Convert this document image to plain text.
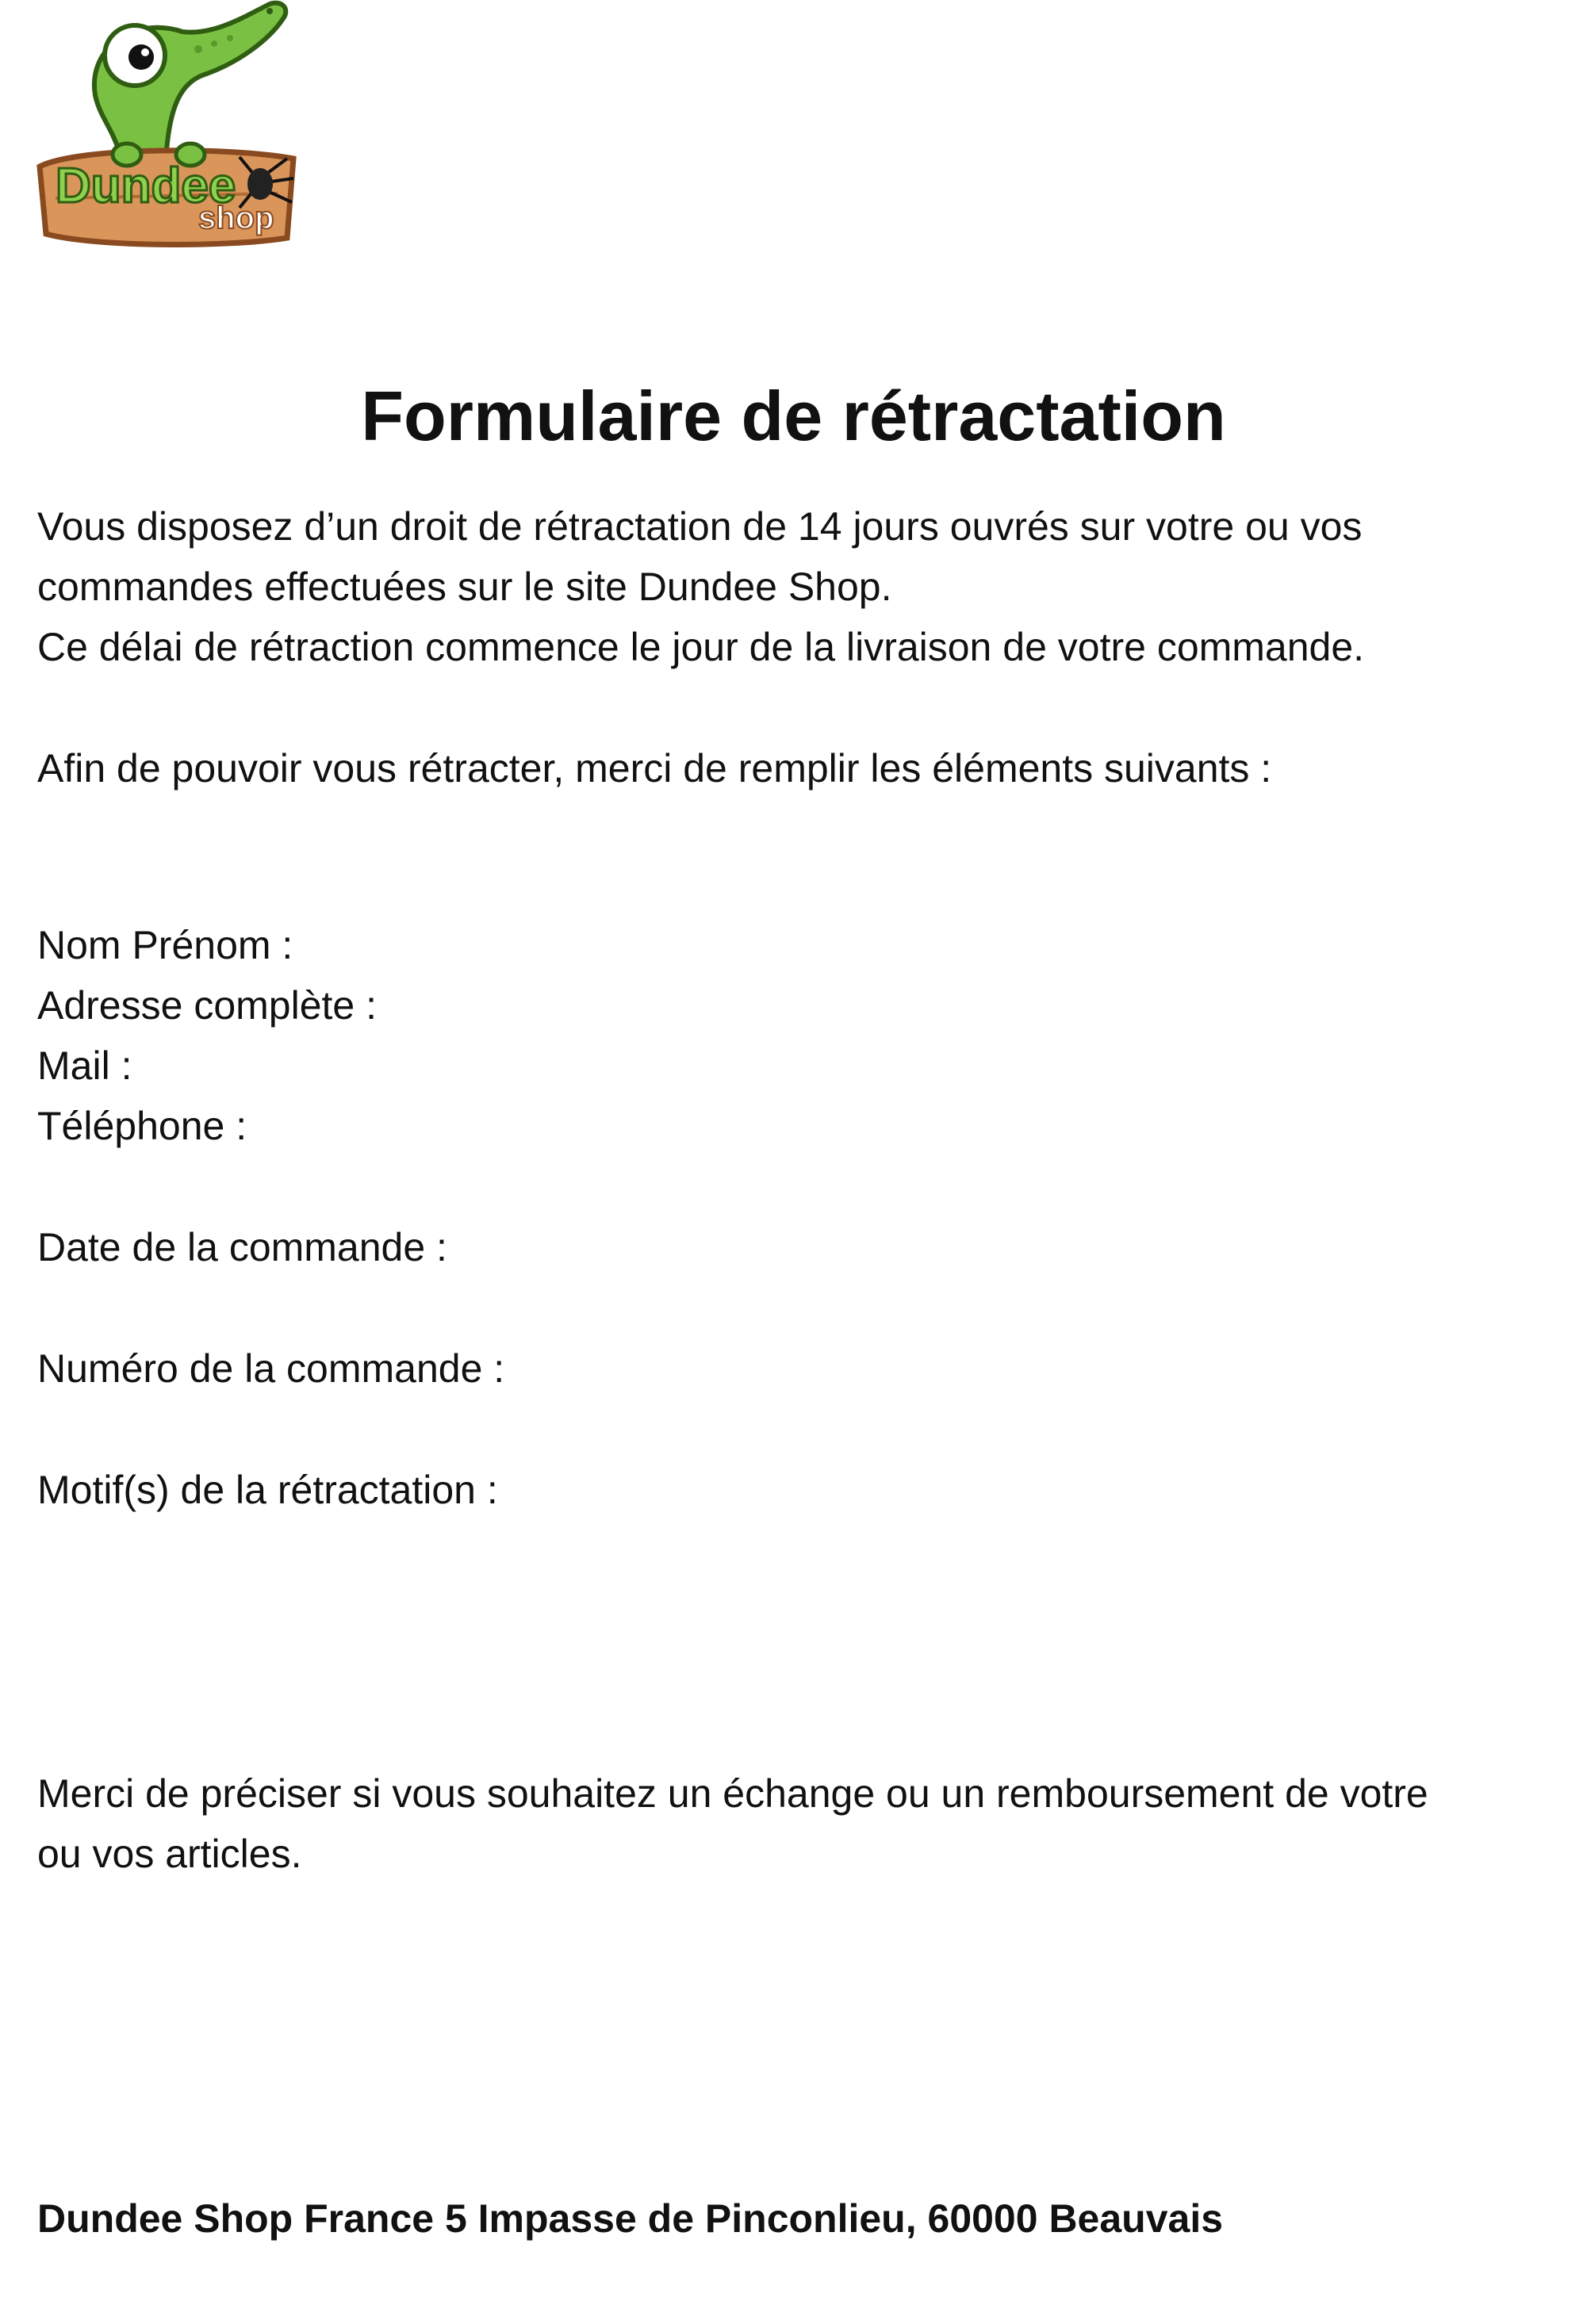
Dundee
shop
Formulaire de rétractation

Vous disposez d’un droit de rétractation de 14 jours ouvrés sur votre ou vos

commandes effectuées sur le site Dundee Shop.

Ce délai de rétraction commence le jour de la livraison de votre commande.

Afin de pouvoir vous rétracter, merci de remplir les éléments suivants :

Nom Prénom :

Adresse complète :

Mail :

Téléphone :

Date de la commande :

Numéro de la commande :

Motif(s) de la rétractation :

Merci de préciser si vous souhaitez un échange ou un remboursement de votre

ou vos articles.

Dundee Shop France 5 Impasse de Pinconlieu, 60000 Beauvais
